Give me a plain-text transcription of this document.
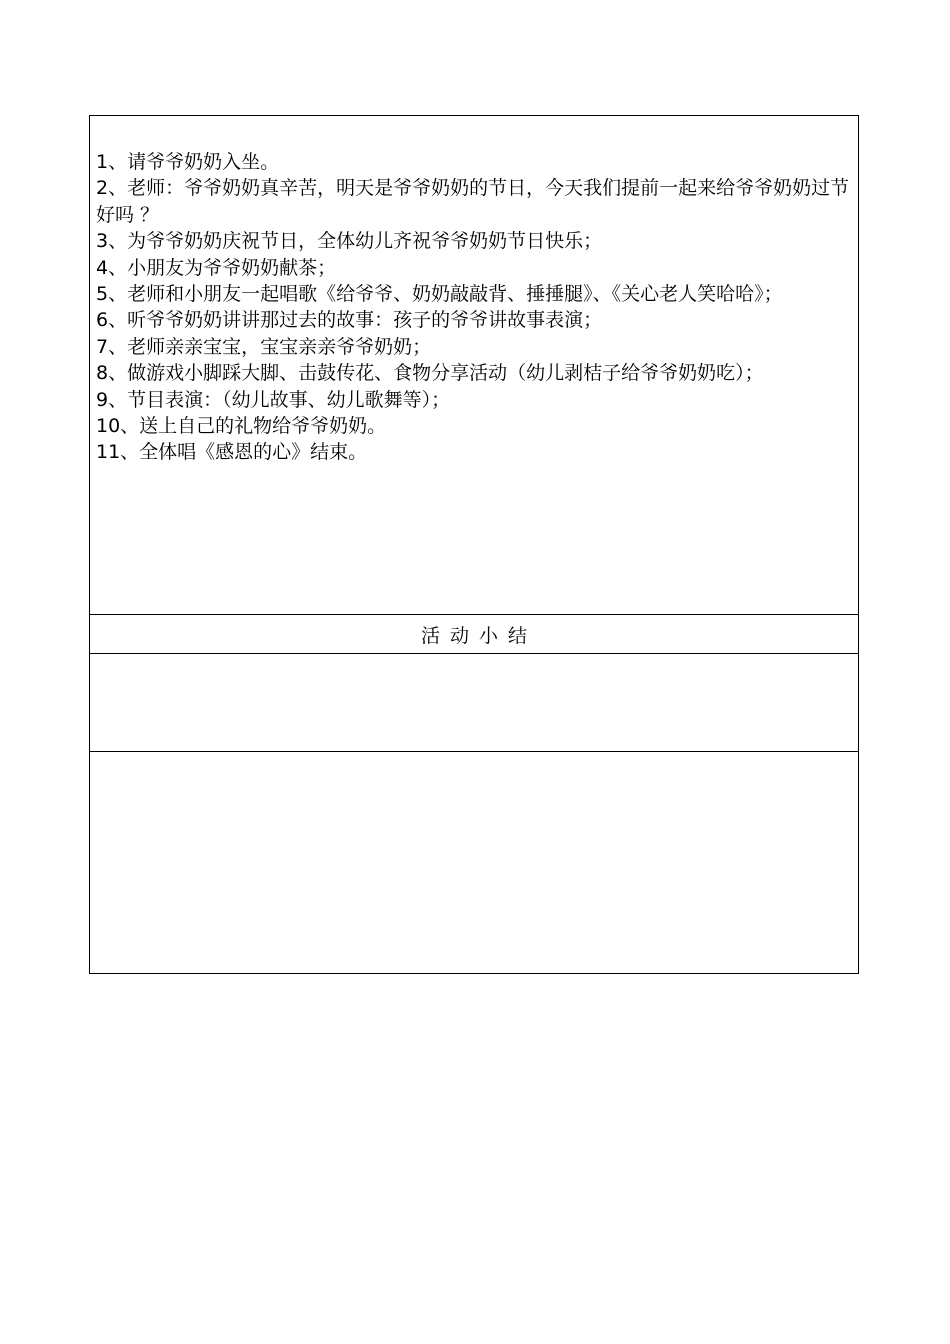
1、请爷爷奶奶入坐。

2、老师：爷爷奶奶真辛苦，明天是爷爷奶奶的节日，今天我们提前一起来给爷爷奶奶过节好吗 ？

3、为爷爷奶奶庆祝节日，全体幼儿齐祝爷爷奶奶节日快乐；

4、小朋友为爷爷奶奶献茶；

5、老师和小朋友一起唱歌《给爷爷、奶奶敲敲背、捶捶腿》、《关心老人笑哈哈》；

6、听爷爷奶奶讲讲那过去的故事：孩子的爷爷讲故事表演；

7、老师亲亲宝宝，宝宝亲亲爷爷奶奶；

8、做游戏小脚踩大脚、击鼓传花、食物分享活动（幼儿剥桔子给爷爷奶奶吃）；

9、节目表演：（幼儿故事、幼儿歌舞等）；

10、送上自己的礼物给爷爷奶奶。

11、全体唱《感恩的心》结束。

活动小结
